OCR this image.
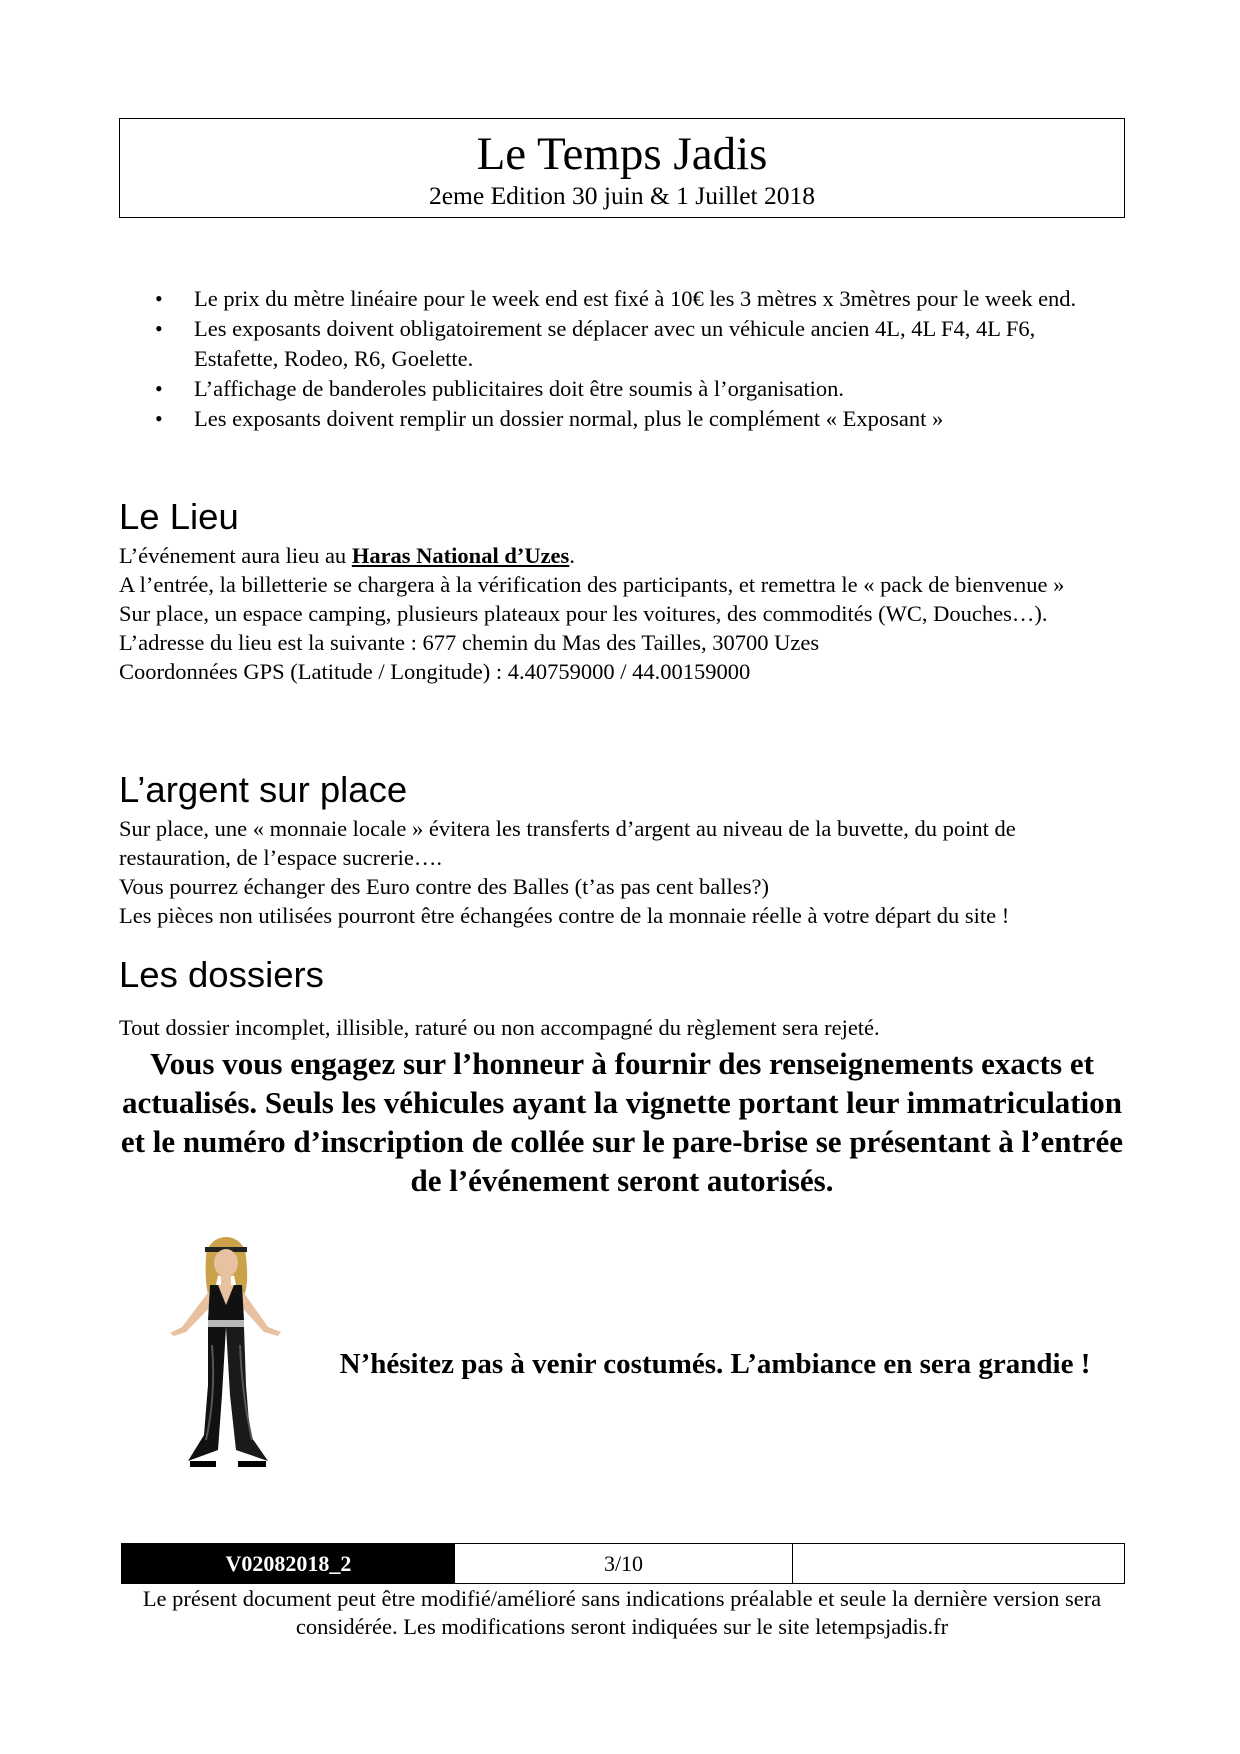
Le Temps Jadis
2eme Edition 30 juin & 1 Juillet 2018
• Le prix du mètre linéaire pour le week end est fixé à 10€ les 3 mètres x 3mètres pour le week end.
• Les exposants doivent obligatoirement se déplacer avec un véhicule ancien 4L, 4L F4, 4L F6, Estafette, Rodeo, R6, Goelette.
• L’affichage de banderoles publicitaires doit être soumis à l’organisation.
• Les exposants doivent remplir un dossier normal, plus le complément « Exposant »
Le Lieu

L’événement aura lieu au Haras National d’Uzes.

A l’entrée, la billetterie se chargera à la vérification des participants, et remettra le « pack de bienvenue »

Sur place, un espace camping, plusieurs plateaux pour les voitures, des commodités (WC, Douches…).

L’adresse du lieu est la suivante : 677 chemin du Mas des Tailles, 30700 Uzes

Coordonnées GPS (Latitude / Longitude) : 4.40759000 / 44.00159000

L’argent sur place

Sur place, une « monnaie locale » évitera les transferts d’argent au niveau de la buvette, du point de restauration, de l’espace sucrerie….

Vous pourrez échanger des Euro contre des Balles (t’as pas cent balles?)

Les pièces non utilisées pourront être échangées contre de la monnaie réelle à votre départ du site !

Les dossiers
Tout dossier incomplet, illisible, raturé ou non accompagné du règlement sera rejeté.
Vous vous engagez sur l’honneur à fournir des renseignements exacts et actualisés. Seuls les véhicules ayant la vignette portant leur immatriculation et le numéro d’inscription de collée sur le pare-brise se présentant à l’entrée de l’événement seront autorisés.
N’hésitez pas à venir costumés. L’ambiance en sera grandie !
V02082018_2	3/10
Le présent document peut être modifié/amélioré sans indications préalable et seule la dernière version sera considérée. Les modifications seront indiquées sur le site letempsjadis.fr
